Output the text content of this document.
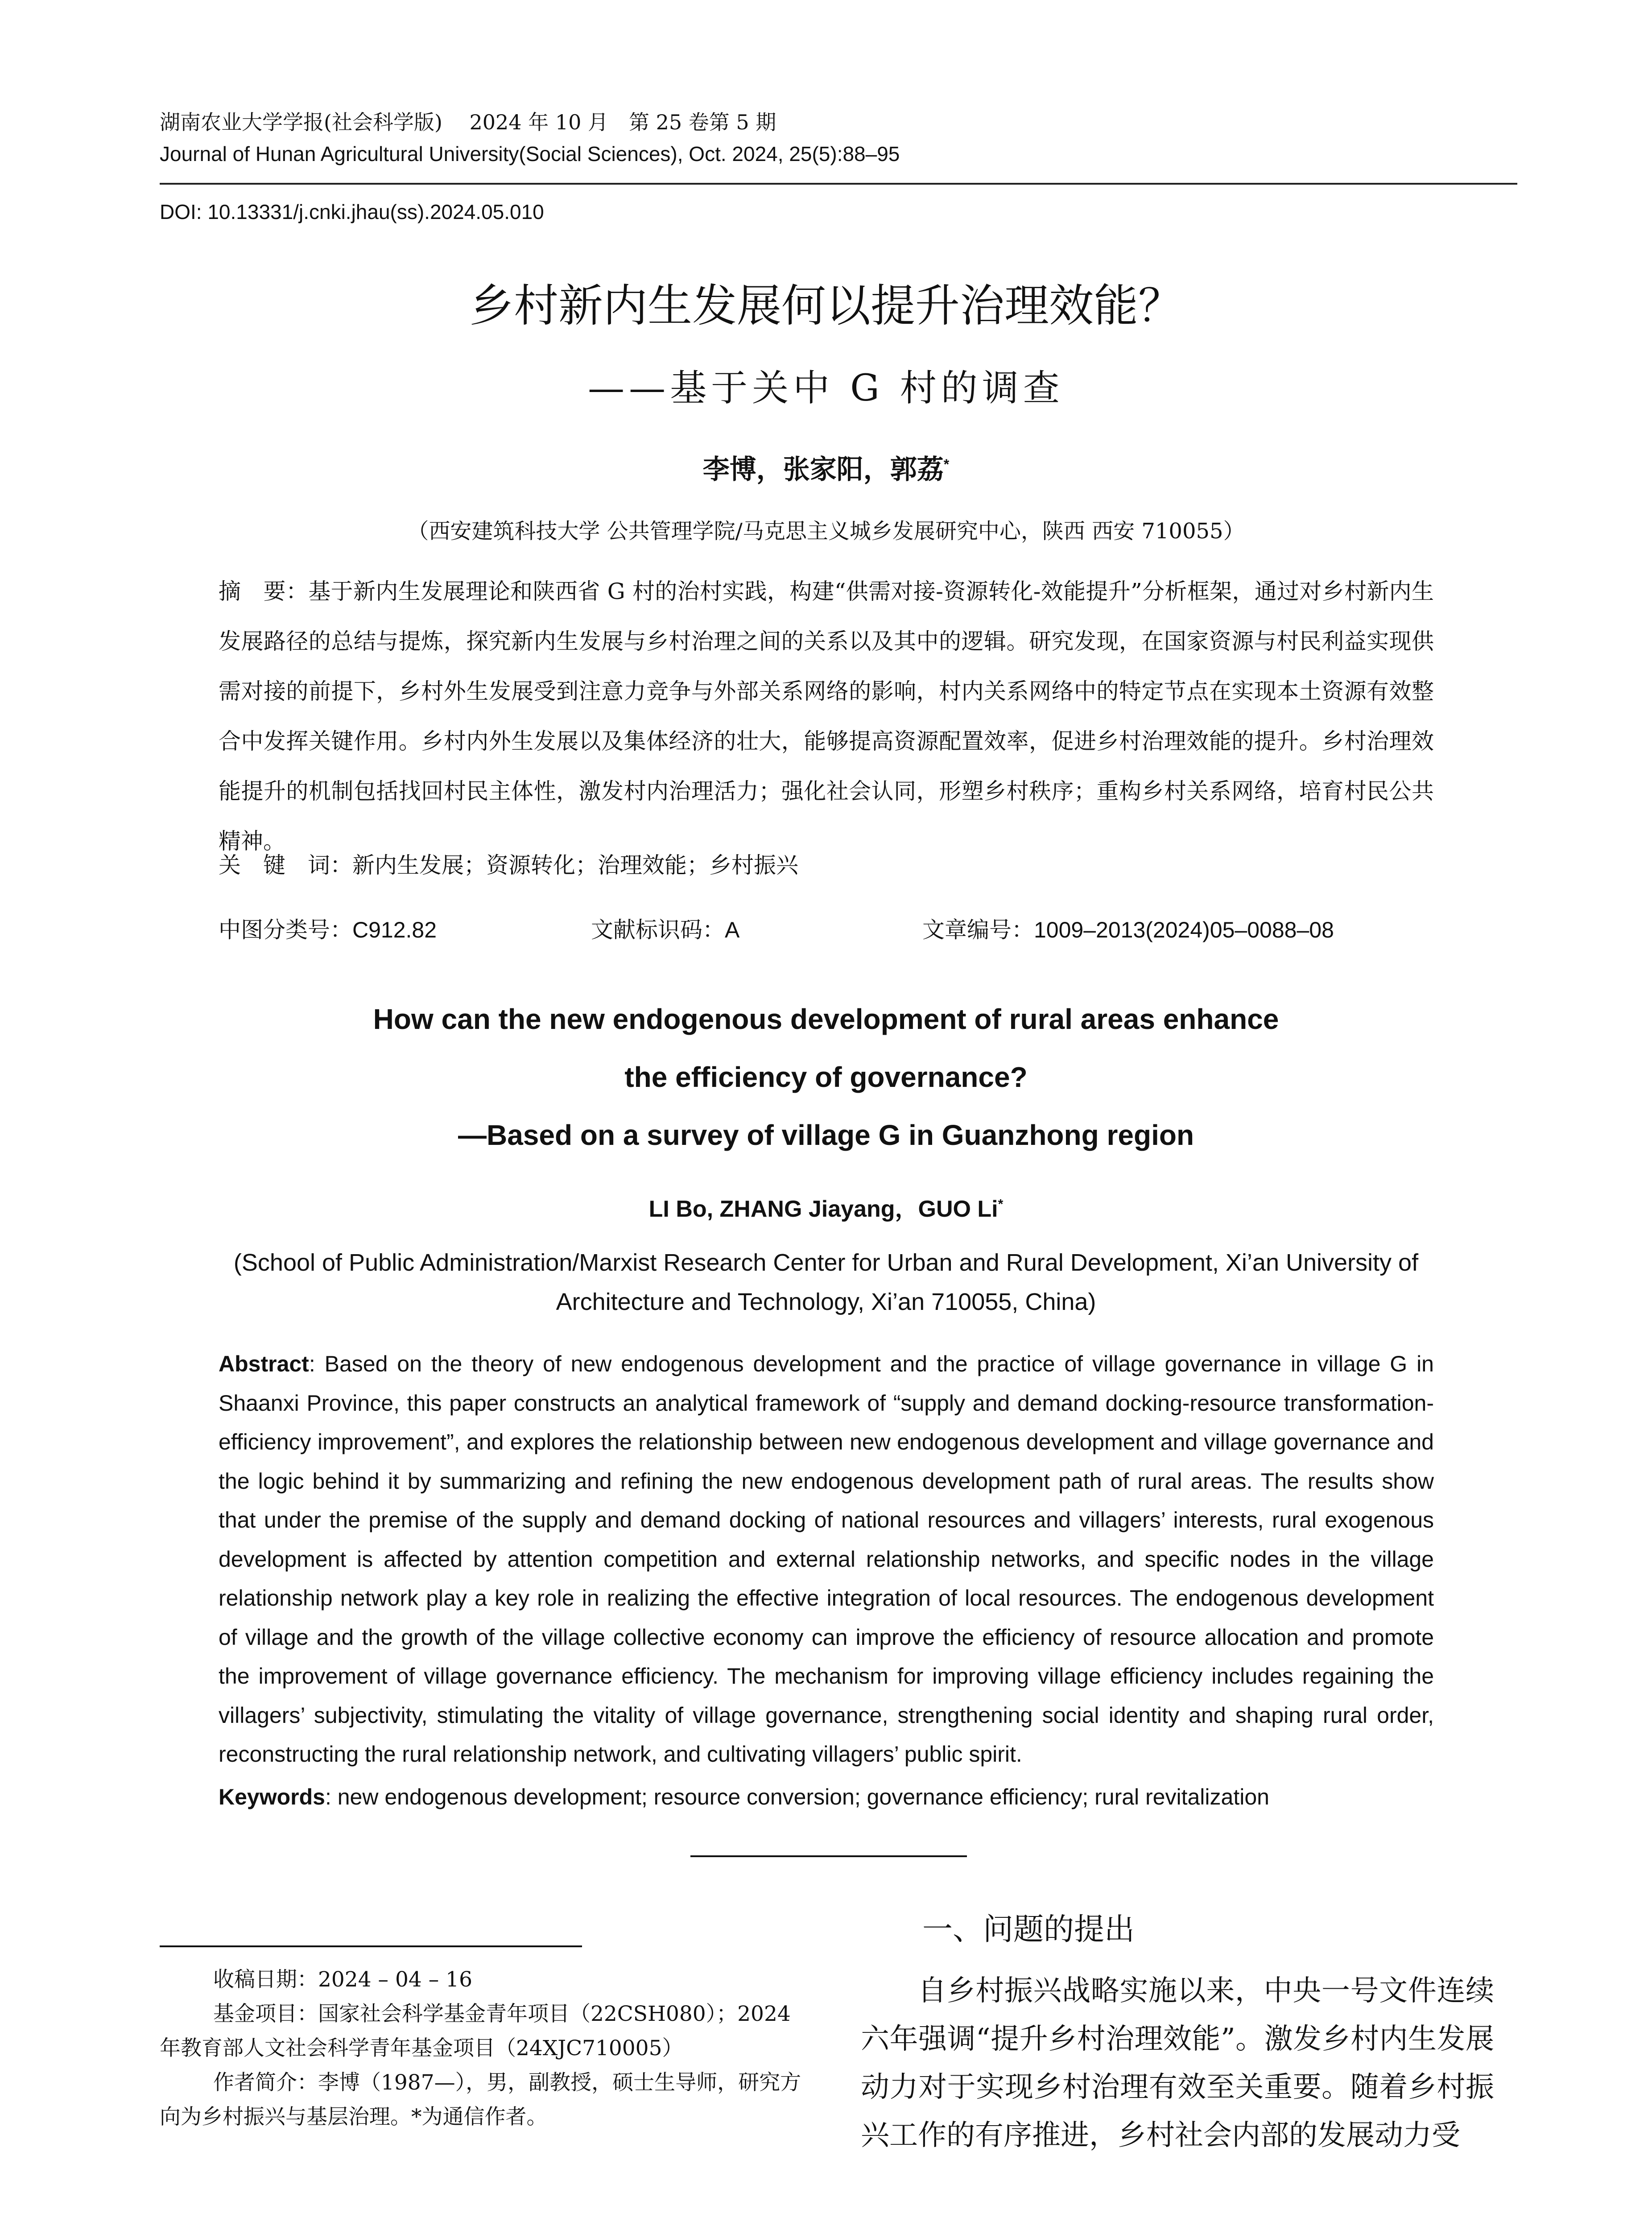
湖南农业大学学报(社会科学版)　 2024 年 10 月　第 25 卷第 5 期
Journal of Hunan Agricultural University(Social Sciences), Oct. 2024, 25(5):88–95
DOI: 10.13331/j.cnki.jhau(ss).2024.05.010
乡村新内生发展何以提升治理效能？
——基于关中 G 村的调查
李博，张家阳，郭荔*
（西安建筑科技大学 公共管理学院/马克思主义城乡发展研究中心，陕西 西安 710055）
摘　要：基于新内生发展理论和陕西省 G 村的治村实践，构建“供需对接-资源转化-效能提升”分析框架，通过对乡村新内生发展路径的总结与提炼，探究新内生发展与乡村治理之间的关系以及其中的逻辑。研究发现，在国家资源与村民利益实现供需对接的前提下，乡村外生发展受到注意力竞争与外部关系网络的影响，村内关系网络中的特定节点在实现本土资源有效整合中发挥关键作用。乡村内外生发展以及集体经济的壮大，能够提高资源配置效率，促进乡村治理效能的提升。乡村治理效能提升的机制包括找回村民主体性，激发村内治理活力；强化社会认同，形塑乡村秩序；重构乡村关系网络，培育村民公共精神。
关　键　词：新内生发展；资源转化；治理效能；乡村振兴
中图分类号：C912.82	文献标识码：A	文章编号：1009–2013(2024)05–0088–08
How can the new endogenous development of rural areas enhance
the efficiency of governance?
—Based on a survey of village G in Guanzhong region
LI Bo, ZHANG Jiayang，GUO Li*
(School of Public Administration/Marxist Research Center for Urban and Rural Development, Xi’an University of
Architecture and Technology, Xi’an 710055, China)
Abstract: Based on the theory of new endogenous development and the practice of village governance in village G in Shaanxi Province, this paper constructs an analytical framework of “supply and demand docking-resource transformation-efficiency improvement”, and explores the relationship between new endogenous development and village governance and the logic behind it by summarizing and refining the new endogenous development path of rural areas. The results show that under the premise of the supply and demand docking of national resources and villagers’ interests, rural exogenous development is affected by attention competition and external relationship networks, and specific nodes in the village relationship network play a key role in realizing the effective integration of local resources. The endogenous development of village and the growth of the village collective economy can improve the efficiency of resource allocation and promote the improvement of village governance efficiency. The mechanism for improving village efficiency includes regaining the villagers’ subjectivity, stimulating the vitality of village governance, strengthening social identity and shaping rural order, reconstructing the rural relationship network, and cultivating villagers’ public spirit.
Keywords: new endogenous development; resource conversion; governance efficiency; rural revitalization
收稿日期：2024 – 04 – 16
基金项目：国家社会科学基金青年项目（22CSH080）；2024 年教育部人文社会科学青年基金项目（24XJC710005）
作者简介：李博（1987—），男，副教授，硕士生导师，研究方向为乡村振兴与基层治理。*为通信作者。
一、问题的提出
自乡村振兴战略实施以来，中央一号文件连续六年强调“提升乡村治理效能”。激发乡村内生发展动力对于实现乡村治理有效至关重要。随着乡村振兴工作的有序推进，乡村社会内部的发展动力受
